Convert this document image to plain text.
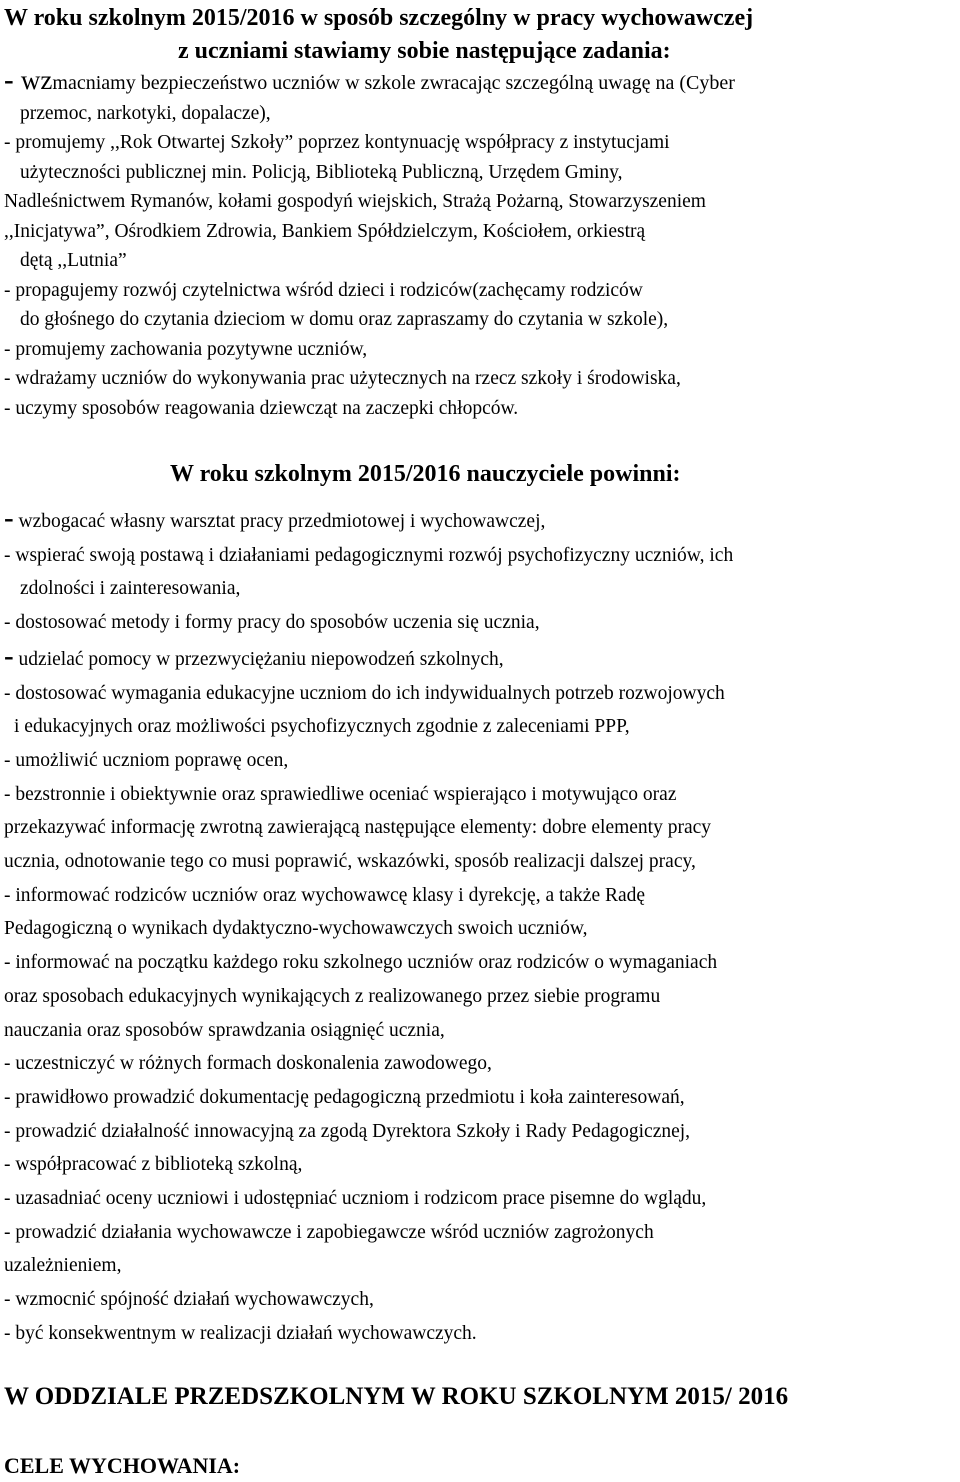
W roku szkolnym 2015/2016 w sposób szczególny w pracy wychowawczej

z uczniami stawiamy sobie następujące zadania:

- wzmacniamy bezpieczeństwo uczniów w szkole zwracając szczególną uwagę na (Cyber

przemoc, narkotyki, dopalacze),

- promujemy ,,Rok Otwartej Szkoły” poprzez kontynuację współpracy z instytucjami

użyteczności publicznej min. Policją, Biblioteką Publiczną, Urzędem Gminy,

Nadleśnictwem Rymanów, kołami gospodyń wiejskich, Strażą Pożarną, Stowarzyszeniem

,,Inicjatywa”, Ośrodkiem Zdrowia, Bankiem Spółdzielczym, Kościołem, orkiestrą

dętą ,,Lutnia”

- propagujemy rozwój czytelnictwa wśród dzieci i rodziców(zachęcamy rodziców

do głośnego do czytania dzieciom w domu oraz zapraszamy do czytania w szkole),

- promujemy zachowania pozytywne uczniów,

- wdrażamy uczniów do wykonywania prac użytecznych na rzecz szkoły i środowiska,

- uczymy sposobów reagowania dziewcząt na zaczepki chłopców.

W roku szkolnym 2015/2016 nauczyciele powinni:

- wzbogacać własny warsztat pracy przedmiotowej i wychowawczej,

- wspierać swoją postawą i działaniami pedagogicznymi rozwój psychofizyczny uczniów, ich

zdolności i zainteresowania,

- dostosować metody i formy pracy do sposobów uczenia się ucznia,

- udzielać pomocy w przezwyciężaniu niepowodzeń szkolnych,

- dostosować wymagania edukacyjne uczniom do ich indywidualnych potrzeb rozwojowych

i edukacyjnych oraz możliwości psychofizycznych zgodnie z zaleceniami PPP,

- umożliwić uczniom poprawę ocen,

- bezstronnie i obiektywnie oraz sprawiedliwe oceniać wspierająco i motywująco oraz

przekazywać informację zwrotną zawierającą następujące elementy: dobre elementy pracy

ucznia, odnotowanie tego co musi poprawić, wskazówki, sposób realizacji dalszej pracy,

- informować rodziców uczniów oraz wychowawcę klasy i dyrekcję, a także Radę

Pedagogiczną o wynikach dydaktyczno-wychowawczych swoich uczniów,

- informować na początku każdego roku szkolnego uczniów oraz rodziców o wymaganiach

oraz sposobach edukacyjnych wynikających z realizowanego przez siebie programu

nauczania oraz sposobów sprawdzania osiągnięć ucznia,

- uczestniczyć w różnych formach doskonalenia zawodowego,

- prawidłowo prowadzić dokumentację pedagogiczną przedmiotu i koła zainteresowań,

- prowadzić działalność innowacyjną za zgodą Dyrektora Szkoły i Rady Pedagogicznej,

- współpracować z biblioteką szkolną,

- uzasadniać oceny uczniowi i udostępniać uczniom i rodzicom prace pisemne do wglądu,

- prowadzić działania wychowawcze i zapobiegawcze wśród uczniów zagrożonych

uzależnieniem,

- wzmocnić spójność działań wychowawczych,

- być konsekwentnym w realizacji działań wychowawczych.

W ODDZIALE PRZEDSZKOLNYM W ROKU SZKOLNYM 2015/ 2016

CELE WYCHOWANIA:
